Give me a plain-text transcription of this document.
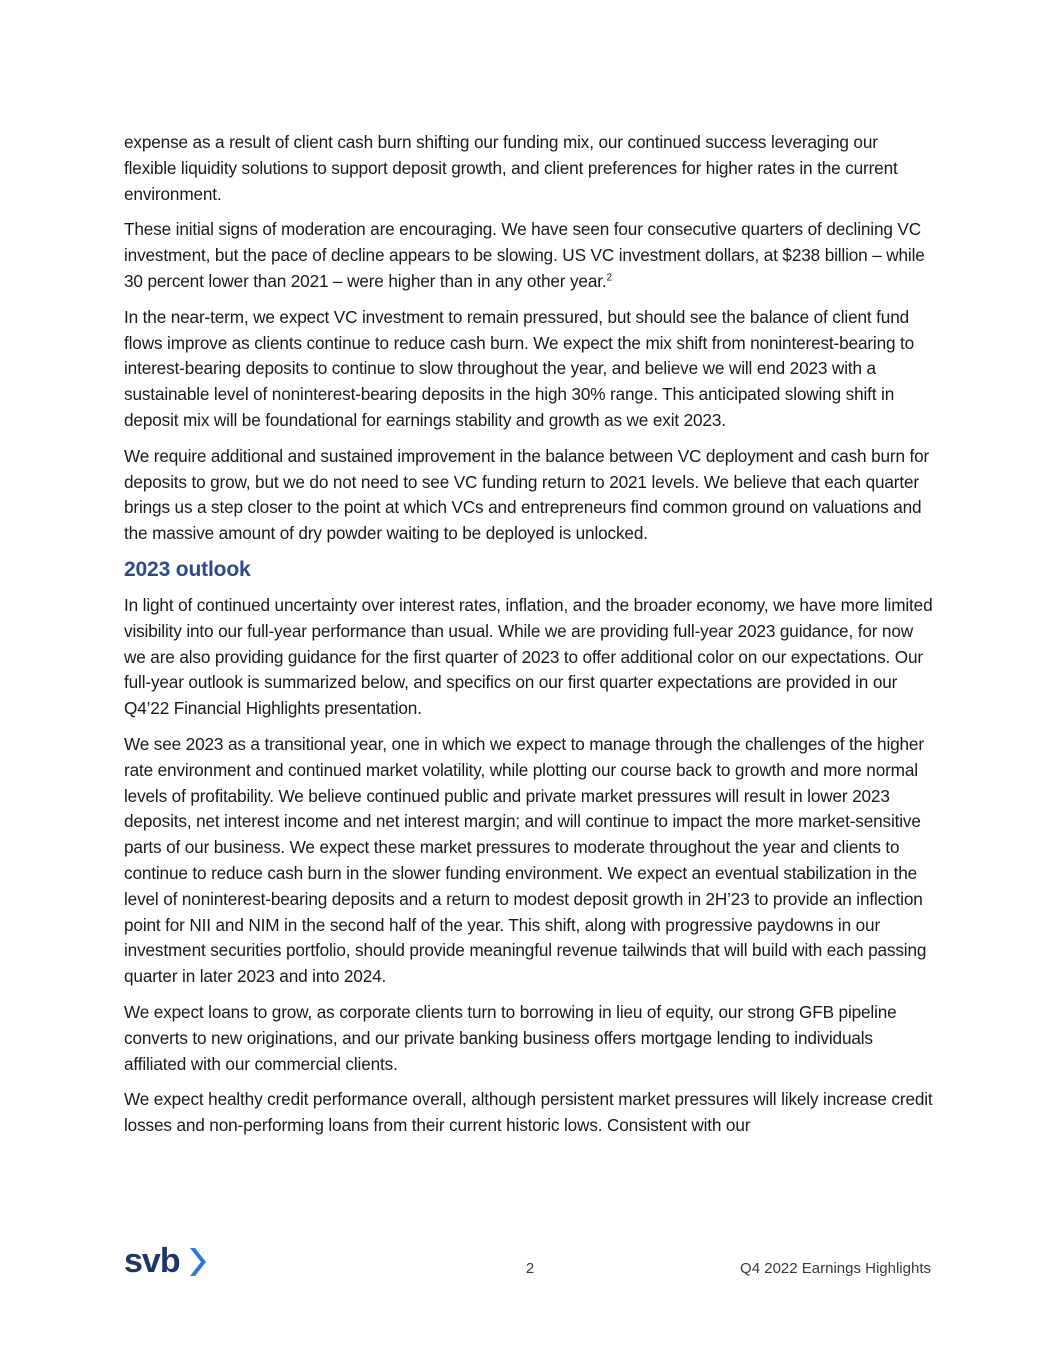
expense as a result of client cash burn shifting our funding mix, our continued success leveraging our flexible liquidity solutions to support deposit growth, and client preferences for higher rates in the current environment.

These initial signs of moderation are encouraging. We have seen four consecutive quarters of declining VC investment, but the pace of decline appears to be slowing. US VC investment dollars, at $238 billion – while 30 percent lower than 2021 – were higher than in any other year.$^2$

In the near-term, we expect VC investment to remain pressured, but should see the balance of client fund flows improve as clients continue to reduce cash burn. We expect the mix shift from noninterest-bearing to interest-bearing deposits to continue to slow throughout the year, and believe we will end 2023 with a sustainable level of noninterest-bearing deposits in the high 30% range. This anticipated slowing shift in deposit mix will be foundational for earnings stability and growth as we exit 2023.

We require additional and sustained improvement in the balance between VC deployment and cash burn for deposits to grow, but we do not need to see VC funding return to 2021 levels. We believe that each quarter brings us a step closer to the point at which VCs and entrepreneurs find common ground on valuations and the massive amount of dry powder waiting to be deployed is unlocked.

2023 outlook

In light of continued uncertainty over interest rates, inflation, and the broader economy, we have more limited visibility into our full-year performance than usual. While we are providing full-year 2023 guidance, for now we are also providing guidance for the first quarter of 2023 to offer additional color on our expectations. Our full-year outlook is summarized below, and specifics on our first quarter expectations are provided in our Q4’22 Financial Highlights presentation.

We see 2023 as a transitional year, one in which we expect to manage through the challenges of the higher rate environment and continued market volatility, while plotting our course back to growth and more normal levels of profitability. We believe continued public and private market pressures will result in lower 2023 deposits, net interest income and net interest margin; and will continue to impact the more market-sensitive parts of our business. We expect these market pressures to moderate throughout the year and clients to continue to reduce cash burn in the slower funding environment. We expect an eventual stabilization in the level of noninterest-bearing deposits and a return to modest deposit growth in 2H’23 to provide an inflection point for NII and NIM in the second half of the year. This shift, along with progressive paydowns in our investment securities portfolio, should provide meaningful revenue tailwinds that will build with each passing quarter in later 2023 and into 2024.

We expect loans to grow, as corporate clients turn to borrowing in lieu of equity, our strong GFB pipeline converts to new originations, and our private banking business offers mortgage lending to individuals affiliated with our commercial clients.

We expect healthy credit performance overall, although persistent market pressures will likely increase credit losses and non-performing loans from their current historic lows. Consistent with our

svb	2	Q4 2022 Earnings Highlights
